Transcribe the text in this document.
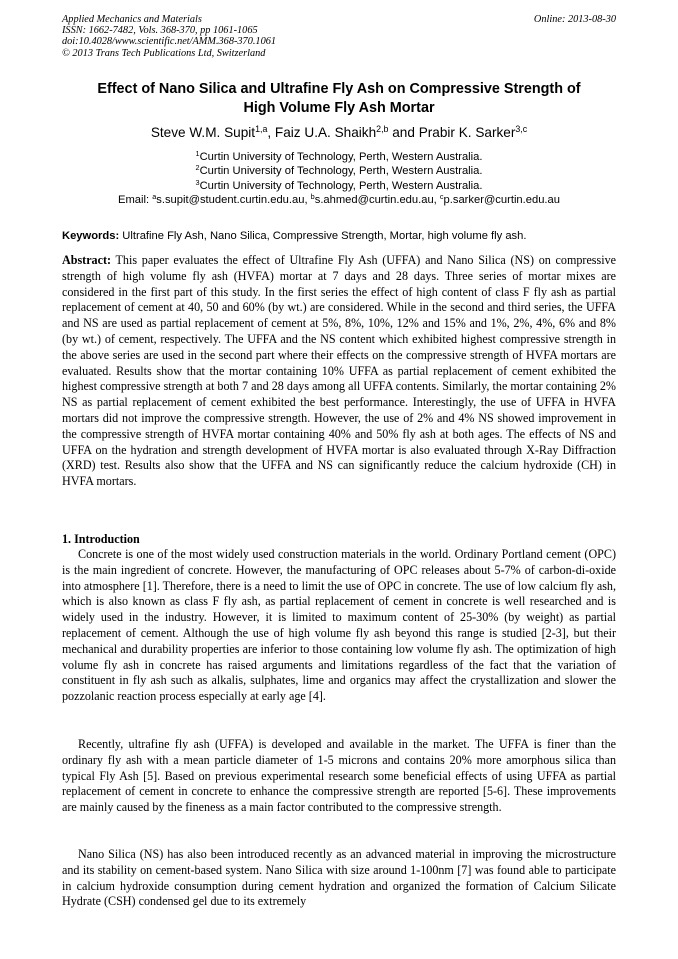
Applied Mechanics and Materials
ISSN: 1662-7482, Vols. 368-370, pp 1061-1065
doi:10.4028/www.scientific.net/AMM.368-370.1061
© 2013 Trans Tech Publications Ltd, Switzerland
Online: 2013-08-30
Effect of Nano Silica and Ultrafine Fly Ash on Compressive Strength of
High Volume Fly Ash Mortar
Steve W.M. Supit$^{1,a}$, Faiz U.A. Shaikh$^{2,b}$ and Prabir K. Sarker$^{3,c}$
$^1$Curtin University of Technology, Perth, Western Australia.
$^2$Curtin University of Technology, Perth, Western Australia.
$^3$Curtin University of Technology, Perth, Western Australia.
Email: $^a$s.supit@student.curtin.edu.au, $^b$s.ahmed@curtin.edu.au, $^c$p.sarker@curtin.edu.au
Keywords: Ultrafine Fly Ash, Nano Silica, Compressive Strength, Mortar, high volume fly ash.
Abstract: This paper evaluates the effect of Ultrafine Fly Ash (UFFA) and Nano Silica (NS) on compressive strength of high volume fly ash (HVFA) mortar at 7 days and 28 days. Three series of mortar mixes are considered in the first part of this study. In the first series the effect of high content of class F fly ash as partial replacement of cement at 40, 50 and 60% (by wt.) are considered. While in the second and third series, the UFFA and NS are used as partial replacement of cement at 5%, 8%, 10%, 12% and 15% and 1%, 2%, 4%, 6% and 8% (by wt.) of cement, respectively. The UFFA and the NS content which exhibited highest compressive strength in the above series are used in the second part where their effects on the compressive strength of HVFA mortars are evaluated. Results show that the mortar containing 10% UFFA as partial replacement of cement exhibited the highest compressive strength at both 7 and 28 days among all UFFA contents. Similarly, the mortar containing 2% NS as partial replacement of cement exhibited the best performance. Interestingly, the use of UFFA in HVFA mortars did not improve the compressive strength. However, the use of 2% and 4% NS showed improvement in the compressive strength of HVFA mortar containing 40% and 50% fly ash at both ages. The effects of NS and UFFA on the hydration and strength development of HVFA mortar is also evaluated through X-Ray Diffraction (XRD) test. Results also show that the UFFA and NS can significantly reduce the calcium hydroxide (CH) in HVFA mortars.
1. Introduction
Concrete is one of the most widely used construction materials in the world. Ordinary Portland cement (OPC) is the main ingredient of concrete. However, the manufacturing of OPC releases about 5-7% of carbon-di-oxide into atmosphere [1]. Therefore, there is a need to limit the use of OPC in concrete. The use of low calcium fly ash, which is also known as class F fly ash, as partial replacement of cement in concrete is well researched and is widely used in the industry. However, it is limited to maximum content of 25-30% (by weight) as partial replacement of cement. Although the use of high volume fly ash beyond this range is studied [2-3], but their mechanical and durability properties are inferior to those containing low volume fly ash. The optimization of high volume fly ash in concrete has raised arguments and limitations regardless of the fact that the variation of constituent in fly ash such as alkalis, sulphates, lime and organics may affect the crystallization and slower the pozzolanic reaction process especially at early age [4].
Recently, ultrafine fly ash (UFFA) is developed and available in the market. The UFFA is finer than the ordinary fly ash with a mean particle diameter of 1-5 microns and contains 20% more amorphous silica than typical Fly Ash [5]. Based on previous experimental research some beneficial effects of using UFFA as partial replacement of cement in concrete to enhance the compressive strength are reported [5-6]. These improvements are mainly caused by the fineness as a main factor contributed to the compressive strength.
Nano Silica (NS) has also been introduced recently as an advanced material in improving the microstructure and its stability on cement-based system. Nano Silica with size around 1-100nm [7] was found able to participate in calcium hydroxide consumption during cement hydration and organized the formation of Calcium Silicate Hydrate (CSH) condensed gel due to its extremely
